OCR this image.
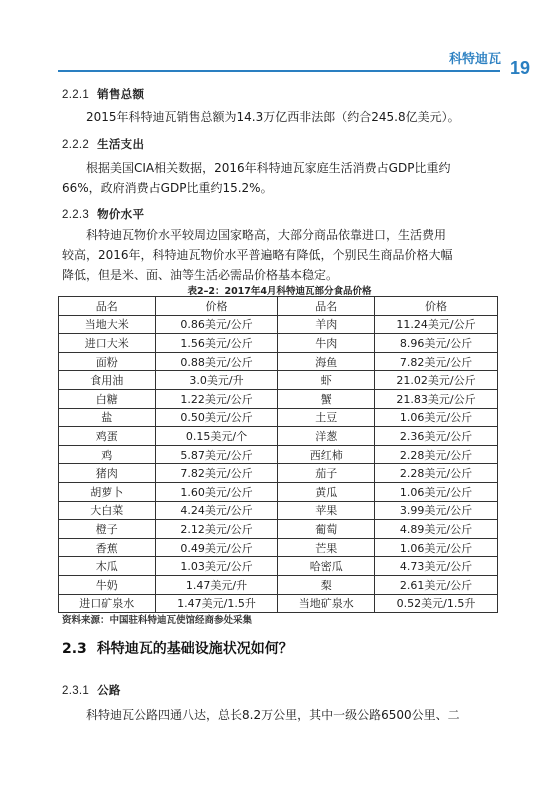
科特迪瓦 19
2.2.1 销售总额
2015年科特迪瓦销售总额为14.3万亿西非法郎（约合245.8亿美元）。
2.2.2 生活支出
根据美国CIA相关数据，2016年科特迪瓦家庭生活消费占GDP比重约
66%，政府消费占GDP比重约15.2%。
2.2.3 物价水平
科特迪瓦物价水平较周边国家略高，大部分商品依靠进口，生活费用
较高，2016年，科特迪瓦物价水平普遍略有降低，个别民生商品价格大幅
降低，但是米、面、油等生活必需品价格基本稳定。
表2–2：2017年4月科特迪瓦部分食品价格
品名	价格	品名	价格
当地大米	0.86美元/公斤	羊肉	11.24美元/公斤
进口大米	1.56美元/公斤	牛肉	8.96美元/公斤
面粉	0.88美元/公斤	海鱼	7.82美元/公斤
食用油	3.0美元/升	虾	21.02美元/公斤
白糖	1.22美元/公斤	蟹	21.83美元/公斤
盐	0.50美元/公斤	土豆	1.06美元/公斤
鸡蛋	0.15美元/个	洋葱	2.36美元/公斤
鸡	5.87美元/公斤	西红柿	2.28美元/公斤
猪肉	7.82美元/公斤	茄子	2.28美元/公斤
胡萝卜	1.60美元/公斤	黄瓜	1.06美元/公斤
大白菜	4.24美元/公斤	苹果	3.99美元/公斤
橙子	2.12美元/公斤	葡萄	4.89美元/公斤
香蕉	0.49美元/公斤	芒果	1.06美元/公斤
木瓜	1.03美元/公斤	哈密瓜	4.73美元/公斤
牛奶	1.47美元/升	梨	2.61美元/公斤
进口矿泉水	1.47美元/1.5升	当地矿泉水	0.52美元/1.5升
资料来源：中国驻科特迪瓦使馆经商参处采集
2.3 科特迪瓦的基础设施状况如何？
2.3.1 公路
科特迪瓦公路四通八达，总长8.2万公里，其中一级公路6500公里、二
